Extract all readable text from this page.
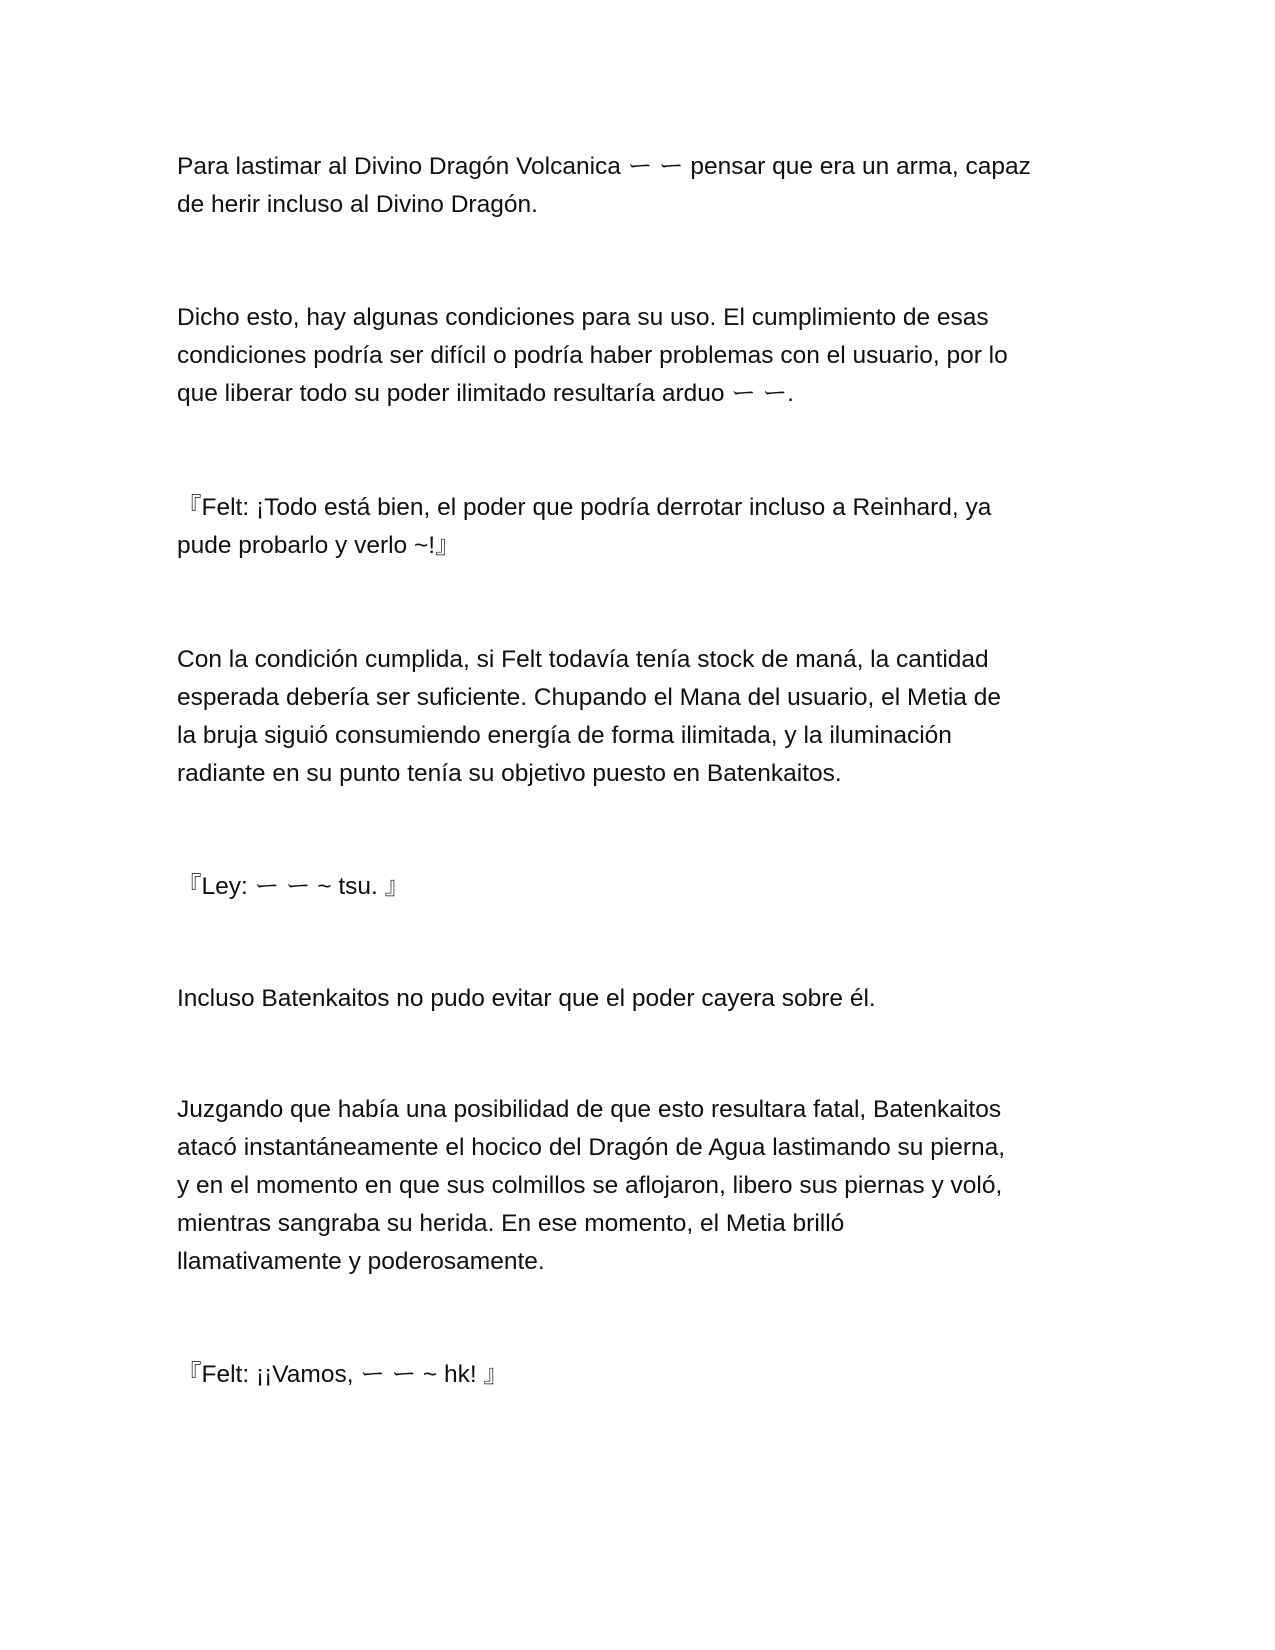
Para lastimar al Divino Dragón Volcanica ー ー pensar que era un arma, capaz
de herir incluso al Divino Dragón.

Dicho esto, hay algunas condiciones para su uso. El cumplimiento de esas
condiciones podría ser difícil o podría haber problemas con el usuario, por lo
que liberar todo su poder ilimitado resultaría arduo ー ー.

『Felt: ¡Todo está bien, el poder que podría derrotar incluso a Reinhard, ya
pude probarlo y verlo ~!』

Con la condición cumplida, si Felt todavía tenía stock de maná, la cantidad
esperada debería ser suficiente. Chupando el Mana del usuario, el Metia de
la bruja siguió consumiendo energía de forma ilimitada, y la iluminación
radiante en su punto tenía su objetivo puesto en Batenkaitos.

『Ley: ー ー ~ tsu. 』

Incluso Batenkaitos no pudo evitar que el poder cayera sobre él.

Juzgando que había una posibilidad de que esto resultara fatal, Batenkaitos
atacó instantáneamente el hocico del Dragón de Agua lastimando su pierna,
y en el momento en que sus colmillos se aflojaron, libero sus piernas y voló,
mientras sangraba su herida. En ese momento, el Metia brilló
llamativamente y poderosamente.

『Felt: ¡¡Vamos, ー ー ~ hk! 』
